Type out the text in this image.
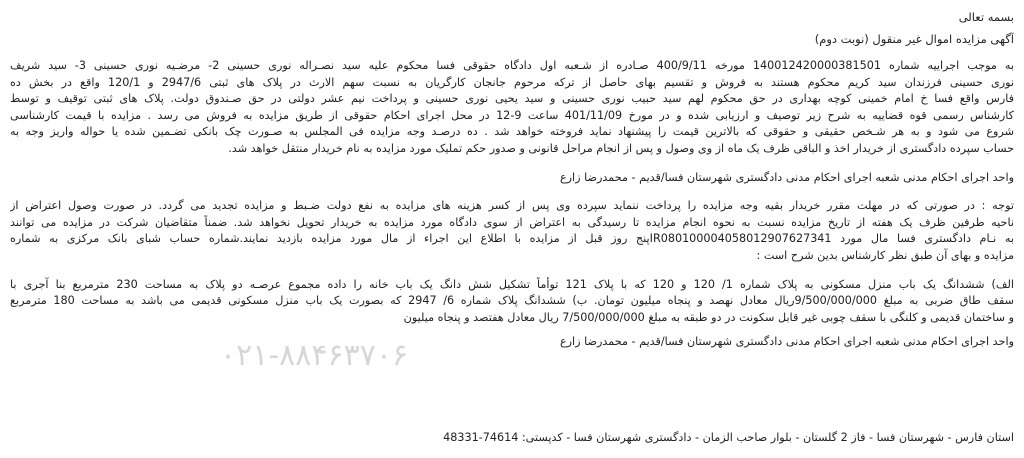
بسمه تعالی
آگهی مزایده اموال غیر منقول (نوبت دوم)
به موجب اجراییه شماره 140012420000381501 مورخه 400/9/11 صـادره از شـعبه اول دادگاه حقوقی فسا محکوم علیه سید نصـراله نوری حسینی 2- مرضـیه نوری حسینی 3- سید شریف
نوری حسینی فرزندان سید کریم محکوم هستند به فروش و تقسیم بهای حاصل از ترکه مرحوم جانجان کارگریان به نسبت سهم الارث در پلاک های ثبتی 2947/6 و 120/1 واقع در بخش ده
فارس واقع فسا خ امام خمینی کوچه بهداری در حق محکوم لهم سید حبیب نوری حسینی و سید یحیی نوری حسینی و پرداخت نیم عشر دولتی در حق صـندوق دولت. پلاک های ثبتی توقیف و توسط
کارشناس رسمی قوه قضاییه به شرح زیر توصیف و ارزیابی شده و در مورخ 401/11/09 ساعت 9-12 در محل اجرای احکام حقوقی از طریق مزایده به فروش می رسد . مزایده با قیمت کارشناسی
شروع می شود و به هر شـخص حقیقی و حقوقی که بالاترین قیمت را پیشنهاد نماید فروخته خواهد شد . ده درصـد وجه مزایده فی المجلس به صـورت چک بانکی تضـمین شده یا حواله واریز وجه به
حساب سپرده دادگستری از خریدار اخذ و الباقی ظرف یک ماه از وی وصول و پس از انجام مراحل قانونی و صدور حکم تملیک مورد مزایده به نام خریدار منتقل خواهد شد.
واحد اجرای احکام مدنی شعبه اجرای احکام مدنی دادگستری شهرستان فسا/قدیم - محمدرضا زارع
توجه : در صورتی که در مهلت مقرر خریدار بقیه وجه مزایده را پرداخت ننماید سپرده وی پس از کسر هزینه های مزایده به نفع دولت ضـبط و مزایده تجدید می گردد. در صورت وصول اعتراض از
ناحیه طرفین ظرف یک هفته از تاریخ مزایده نسبت به نحوه انجام مزایده تا رسیدگی به اعتراض از سوی دادگاه مورد مزایده به خریدار تحویل نخواهد شد. ضمناً متقاضیان شرکت در مزایده می توانند
به نـام دادگستری فسا مال مورد IR080100004058012907627341پنج روز قبل از مزایده با اطلاع این اجراء از مال مورد مزایده بازدید نمایند.شماره حساب شبای بانک مرکزی به شماره
مزایده و بهای آن طبق نظر کارشناس بدین شرح است :
الف) ششدانگ یک باب منزل مسکونی به پلاک شماره 1/ 120 و 120 که با پلاک 121 توأماً تشکیل شش دانگ یک باب خانه را داده مجموع عرصـه دو پلاک به مساحت 230 مترمربع بنا آجری با
سقف طاق ضربی به مبلغ 9/500/000/000ریال معادل نهصد و پنجاه میلیون تومان. ب) ششدانگ پلاک شماره 6/ 2947 که بصورت یک باب منزل مسکونی قدیمی می باشد به مساحت 180 مترمربع
و ساختمان قدیمی و کلنگی با سقف چوبی غیر قابل سکونت در دو طبقه به مبلغ 7/500/000/000 ریال معادل هفتصد و پنجاه میلیون
واحد اجرای احکام مدنی شعبه اجرای احکام مدنی دادگستری شهرستان فسا/قدیم - محمدرضا زارع
۰۲۱-۸۸۴۶۳۷۰۶
استان فارس - شهرستان فسا - فاز 2 گلستان - بلوار صاحب الزمان - دادگستری شهرستان فسا - کدپستی: 74614-48331
